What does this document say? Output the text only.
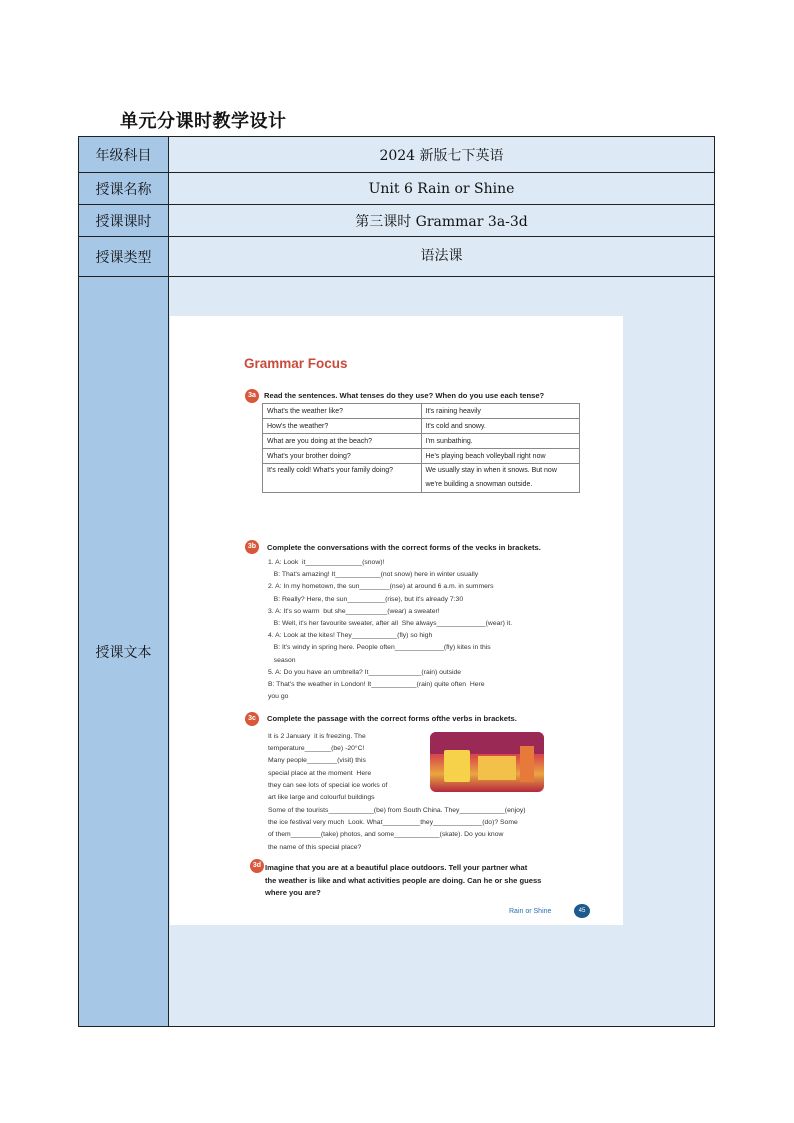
单元分课时教学设计
年级科目	2024 新版七下英语
授课名称	Unit 6 Rain or Shine
授课课时	第三课时 Grammar 3a-3d
授课类型	语法课
授课文本	
Grammar Focus
3a	Read the sentences. What tenses do they use? When do you use each tense?
What's the weather like?	It's raining heavily
How's the weather?	It's cold and snowy.
What are you doing at the beach?	I'm sunbathing.
What's your brother doing?	He's playing beach volleyball right now
It's really cold! What's your family doing?	We usually stay in when it snows. But now we're building a snowman outside.
3b	Complete the conversations with the correct forms of the vecks in brackets.
1. A: Look  it_______________(snow)!
B: That's amazing! It____________(not snow) here in winter usually
2. A: In my hometown, the sun________(nse) at around 6 a.m. in summers
B: Really? Here, the sun__________(rise), but it's already 7:30
3. A: It's so warm  but she___________(wear) a sweater!
B: Well, it's her favourite sweater, after all  She always_____________(wear) it.
4. A: Look at the kites! They____________(fly) so high
B: It's windy in spring here. People often_____________(fly) kites in this
season
5. A: Do you have an umbrella? It______________(rain) outside
B: That's the weather in London! It____________(rain) quite often  Here
you go
3c	Complete the passage with the correct forms ofthe verbs in brackets.
It is 2 January  it is freezing. The
temperature_______(be) -20°C!
Many people________(visit) this
special place at the moment  Here
they can see lots of special ice works of
art like large and colourful buildings
Some of the tourists____________(be) from South China. They____________(enjoy)
the ice festival very much  Look. What__________they_____________(do)? Some
of them________(take) photos, and some____________(skate). Do you know
the name of this special place?
3d Imagine that you are at a beautiful place outdoors. Tell your partner what
the weather is like and what activities people are doing. Can he or she guess
where you are?
Rain or Shine	45
